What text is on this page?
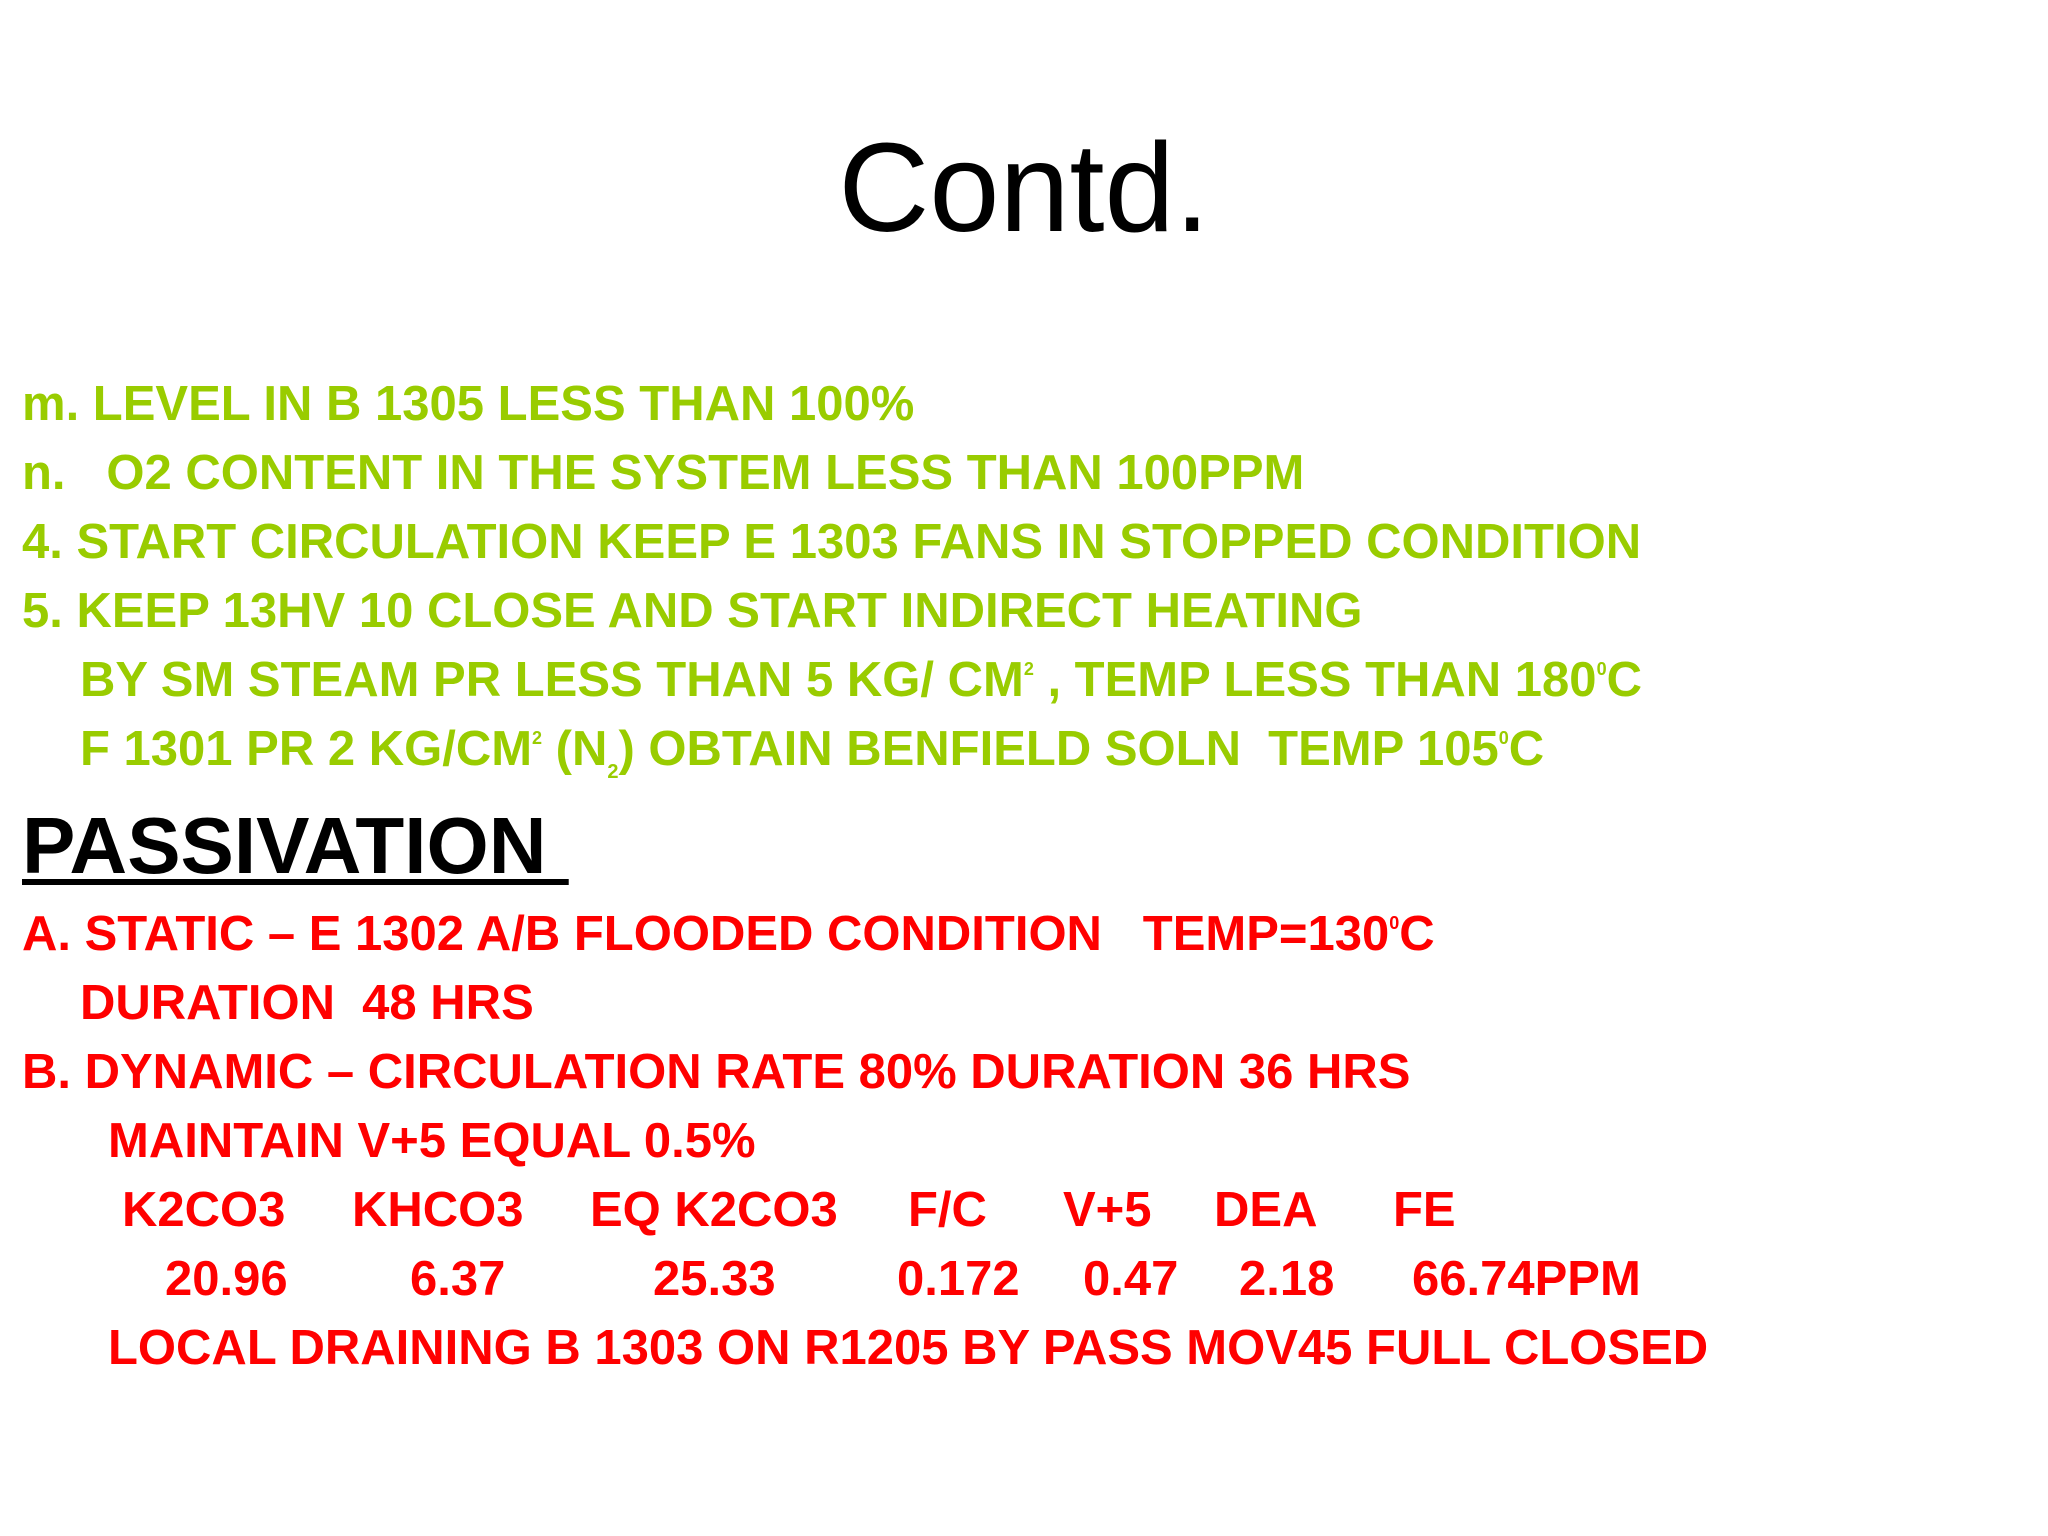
Contd.
m. LEVEL IN B 1305 LESS THAN 100%
n.   O2 CONTENT IN THE SYSTEM LESS THAN 100PPM
4. START CIRCULATION KEEP E 1303 FANS IN STOPPED CONDITION
5. KEEP 13HV 10 CLOSE AND START INDIRECT HEATING
BY SM STEAM PR LESS THAN 5 KG/ $CM^2$ , TEMP LESS THAN $180^0C$
F 1301 PR 2 $KG/CM^2$ (N2) OBTAIN BENFIELD SOLN  TEMP $105^0C$
PASSIVATION
A. STATIC – E 1302 A/B FLOODED CONDITION   $TEMP=130^0C$
DURATION  48 HRS
B. DYNAMIC – CIRCULATION RATE 80% DURATION 36 HRS
MAINTAIN V+5 EQUAL 0.5%
K2CO3 KHCO3 EQ K2CO3 F/C V+5 DEA FE
20.96 6.37	25.33 0.172 0.47 2.18 66.74PPM
LOCAL DRAINING B 1303 ON R1205 BY PASS MOV45 FULL CLOSED
